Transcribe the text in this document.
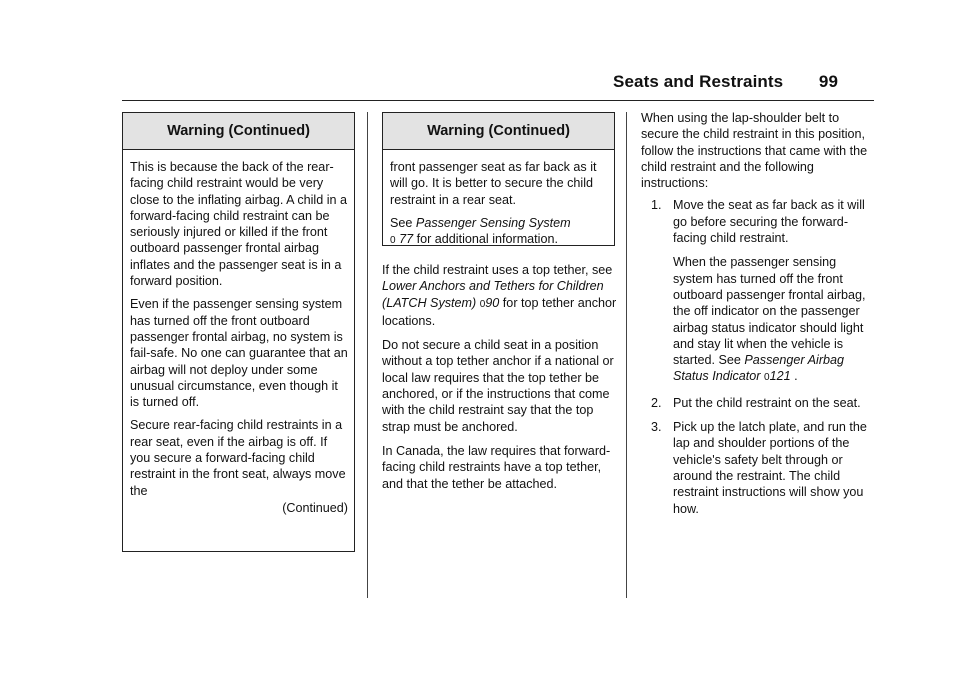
Seats and Restraints 99
Warning (Continued)

This is because the back of the rear-facing child restraint would be very close to the inflating airbag. A child in a forward-facing child restraint can be seriously injured or killed if the front outboard passenger frontal airbag inflates and the passenger seat is in a forward position.

Even if the passenger sensing system has turned off the front outboard passenger frontal airbag, no system is fail-safe. No one can guarantee that an airbag will not deploy under some unusual circumstance, even though it is turned off.

Secure rear-facing child restraints in a rear seat, even if the airbag is off. If you secure a forward-facing child restraint in the front seat, always move the

(Continued)

Warning (Continued)

front passenger seat as far back as it will go. It is better to secure the child restraint in a rear seat.

See Passenger Sensing System
0 77 for additional information.

If the child restraint uses a top tether, see Lower Anchors and Tethers for Children (LATCH System) 090 for top tether anchor locations.

Do not secure a child seat in a position without a top tether anchor if a national or local law requires that the top tether be anchored, or if the instructions that come with the child restraint say that the top strap must be anchored.

In Canada, the law requires that forward-facing child restraints have a top tether, and that the tether be attached.

When using the lap-shoulder belt to secure the child restraint in this position, follow the instructions that came with the child restraint and the following instructions:

1. Move the seat as far back as it will go before securing the forward-facing child restraint.

When the passenger sensing system has turned off the front outboard passenger frontal airbag, the off indicator on the passenger airbag status indicator should light and stay lit when the vehicle is started. See Passenger Airbag Status Indicator 0121 .

2. Put the child restraint on the seat.
3. Pick up the latch plate, and run the lap and shoulder portions of the vehicle's safety belt through or around the restraint. The child restraint instructions will show you how.
